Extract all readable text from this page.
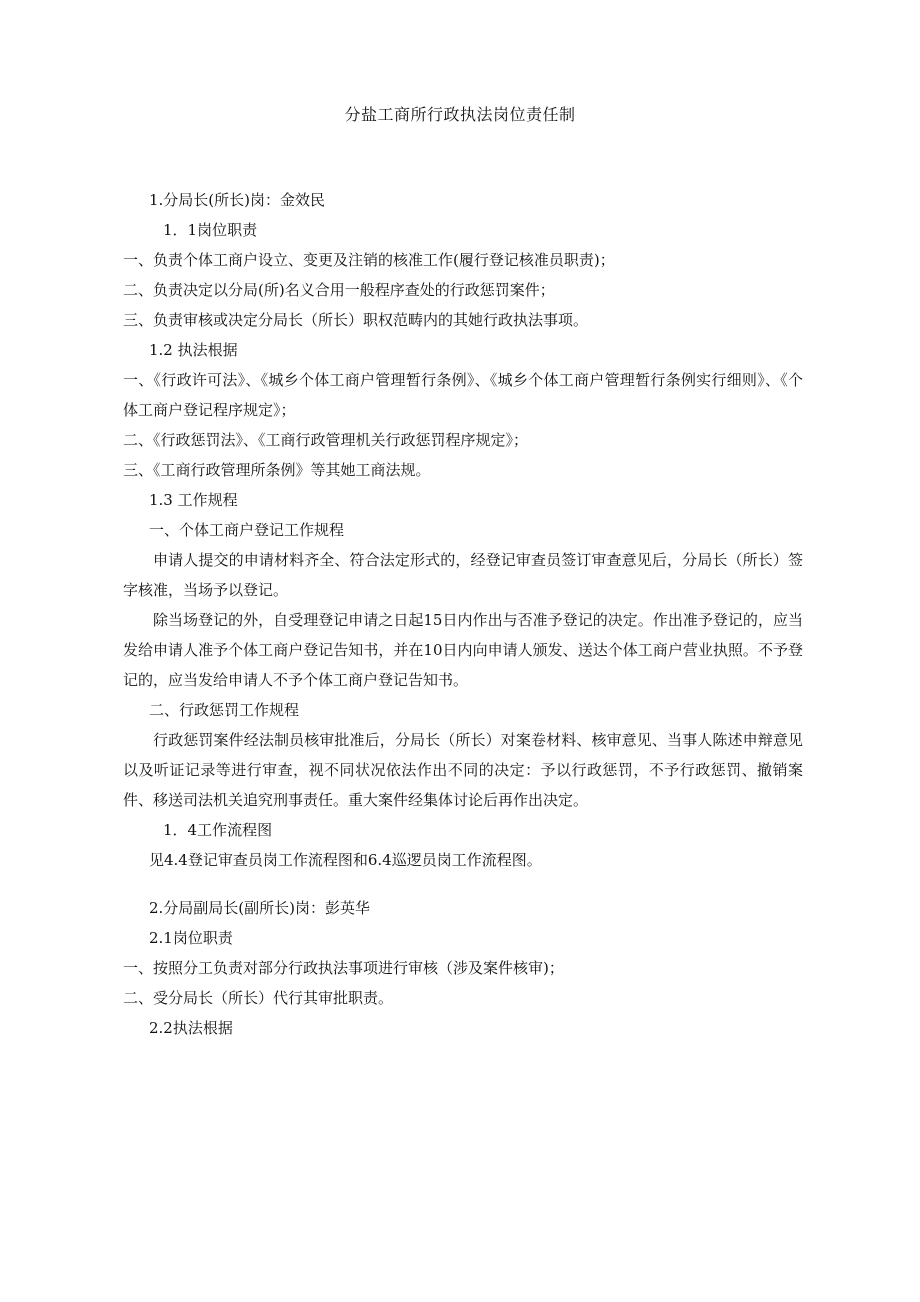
分盐工商所行政执法岗位责任制

1.分局长(所长)岗：金效民

1．1岗位职责

一、负责个体工商户设立、变更及注销的核准工作(履行登记核准员职责)；

二、负责决定以分局(所)名义合用一般程序查处的行政惩罚案件；

三、负责审核或决定分局长（所长）职权范畴内的其她行政执法事项。

1.2 执法根据

一、《行政许可法》、《城乡个体工商户管理暂行条例》、《城乡个体工商户管理暂行条例实行细则》、《个体工商户登记程序规定》；

二、《行政惩罚法》、《工商行政管理机关行政惩罚程序规定》；

三、《工商行政管理所条例》等其她工商法规。

1.3 工作规程

一、个体工商户登记工作规程

申请人提交的申请材料齐全、符合法定形式的，经登记审查员签订审查意见后，分局长（所长）签字核准，当场予以登记。

除当场登记的外，自受理登记申请之日起15日内作出与否准予登记的决定。作出准予登记的，应当发给申请人准予个体工商户登记告知书，并在10日内向申请人颁发、送达个体工商户营业执照。不予登记的，应当发给申请人不予个体工商户登记告知书。

二、行政惩罚工作规程

行政惩罚案件经法制员核审批准后，分局长（所长）对案卷材料、核审意见、当事人陈述申辩意见以及听证记录等进行审查，视不同状况依法作出不同的决定：予以行政惩罚，不予行政惩罚、撤销案件、移送司法机关追究刑事责任。重大案件经集体讨论后再作出决定。

1．4工作流程图

见4.4登记审查员岗工作流程图和6.4巡逻员岗工作流程图。

2.分局副局长(副所长)岗：彭英华

2.1岗位职责

一、按照分工负责对部分行政执法事项进行审核（涉及案件核审)；

二、受分局长（所长）代行其审批职责。

2.2执法根据
